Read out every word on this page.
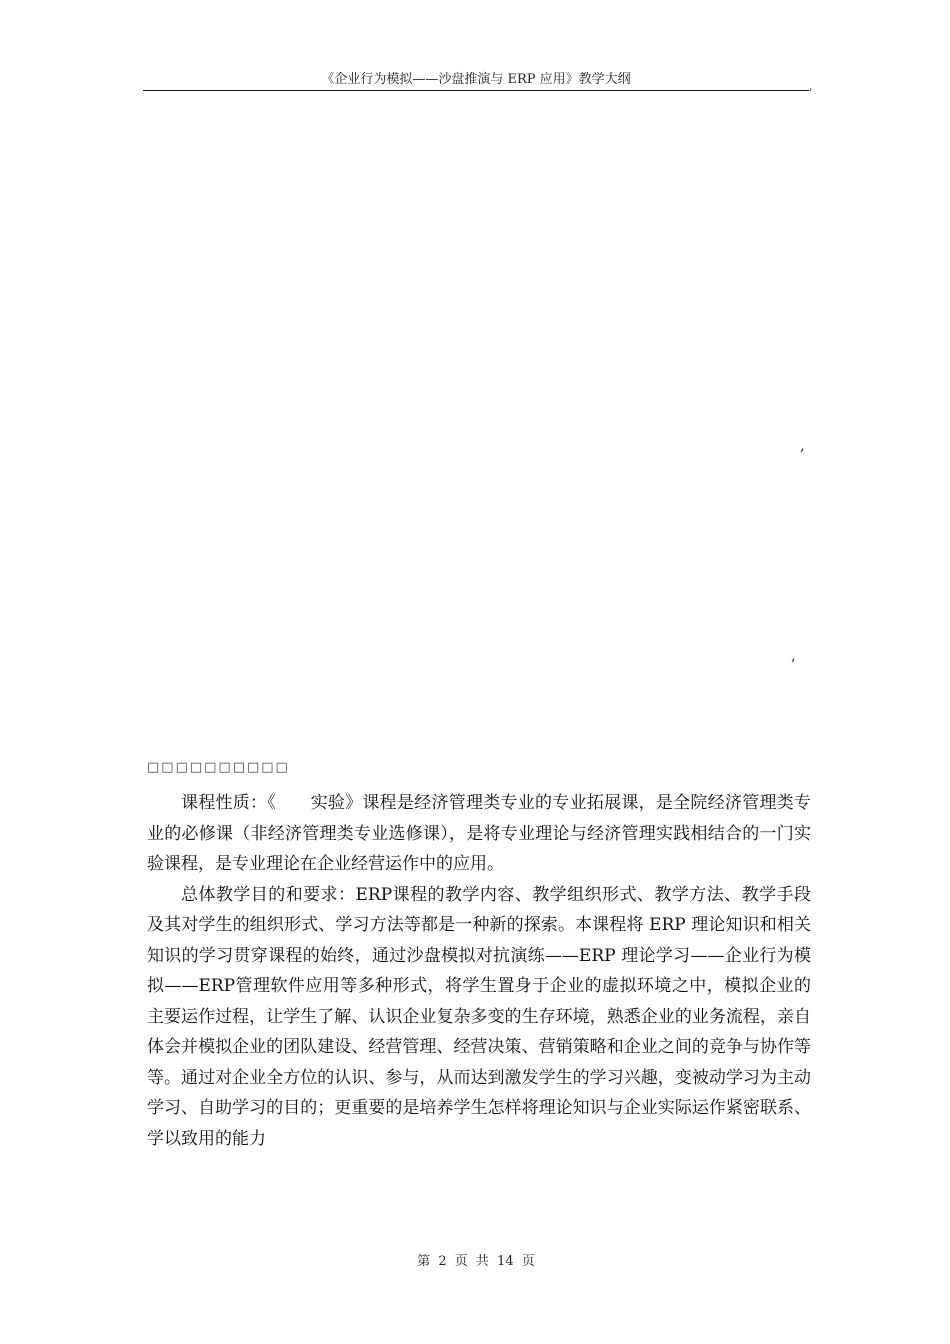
《企业行为模拟——沙盘推演与 ERP 应用》教学大纲	,
,
,
□□□□□□□□□□

课程性质：《　　实验》课程是经济管理类专业的专业拓展课，是全院经济管理类专业的必修课（非经济管理类专业选修课），是将专业理论与经济管理实践相结合的一门实验课程，是专业理论在企业经营运作中的应用。

总体教学目的和要求：ERP课程的教学内容、教学组织形式、教学方法、教学手段及其对学生的组织形式、学习方法等都是一种新的探索。本课程将 ERP 理论知识和相关知识的学习贯穿课程的始终，通过沙盘模拟对抗演练——ERP 理论学习——企业行为模拟——ERP管理软件应用等多种形式，将学生置身于企业的虚拟环境之中，模拟企业的主要运作过程，让学生了解、认识企业复杂多变的生存环境，熟悉企业的业务流程，亲自体会并模拟企业的团队建设、经营管理、经营决策、营销策略和企业之间的竞争与协作等等。通过对企业全方位的认识、参与，从而达到激发学生的学习兴趣，变被动学习为主动学习、自助学习的目的；更重要的是培养学生怎样将理论知识与企业实际运作紧密联系、学以致用的能力

第 2 页 共 14 页
